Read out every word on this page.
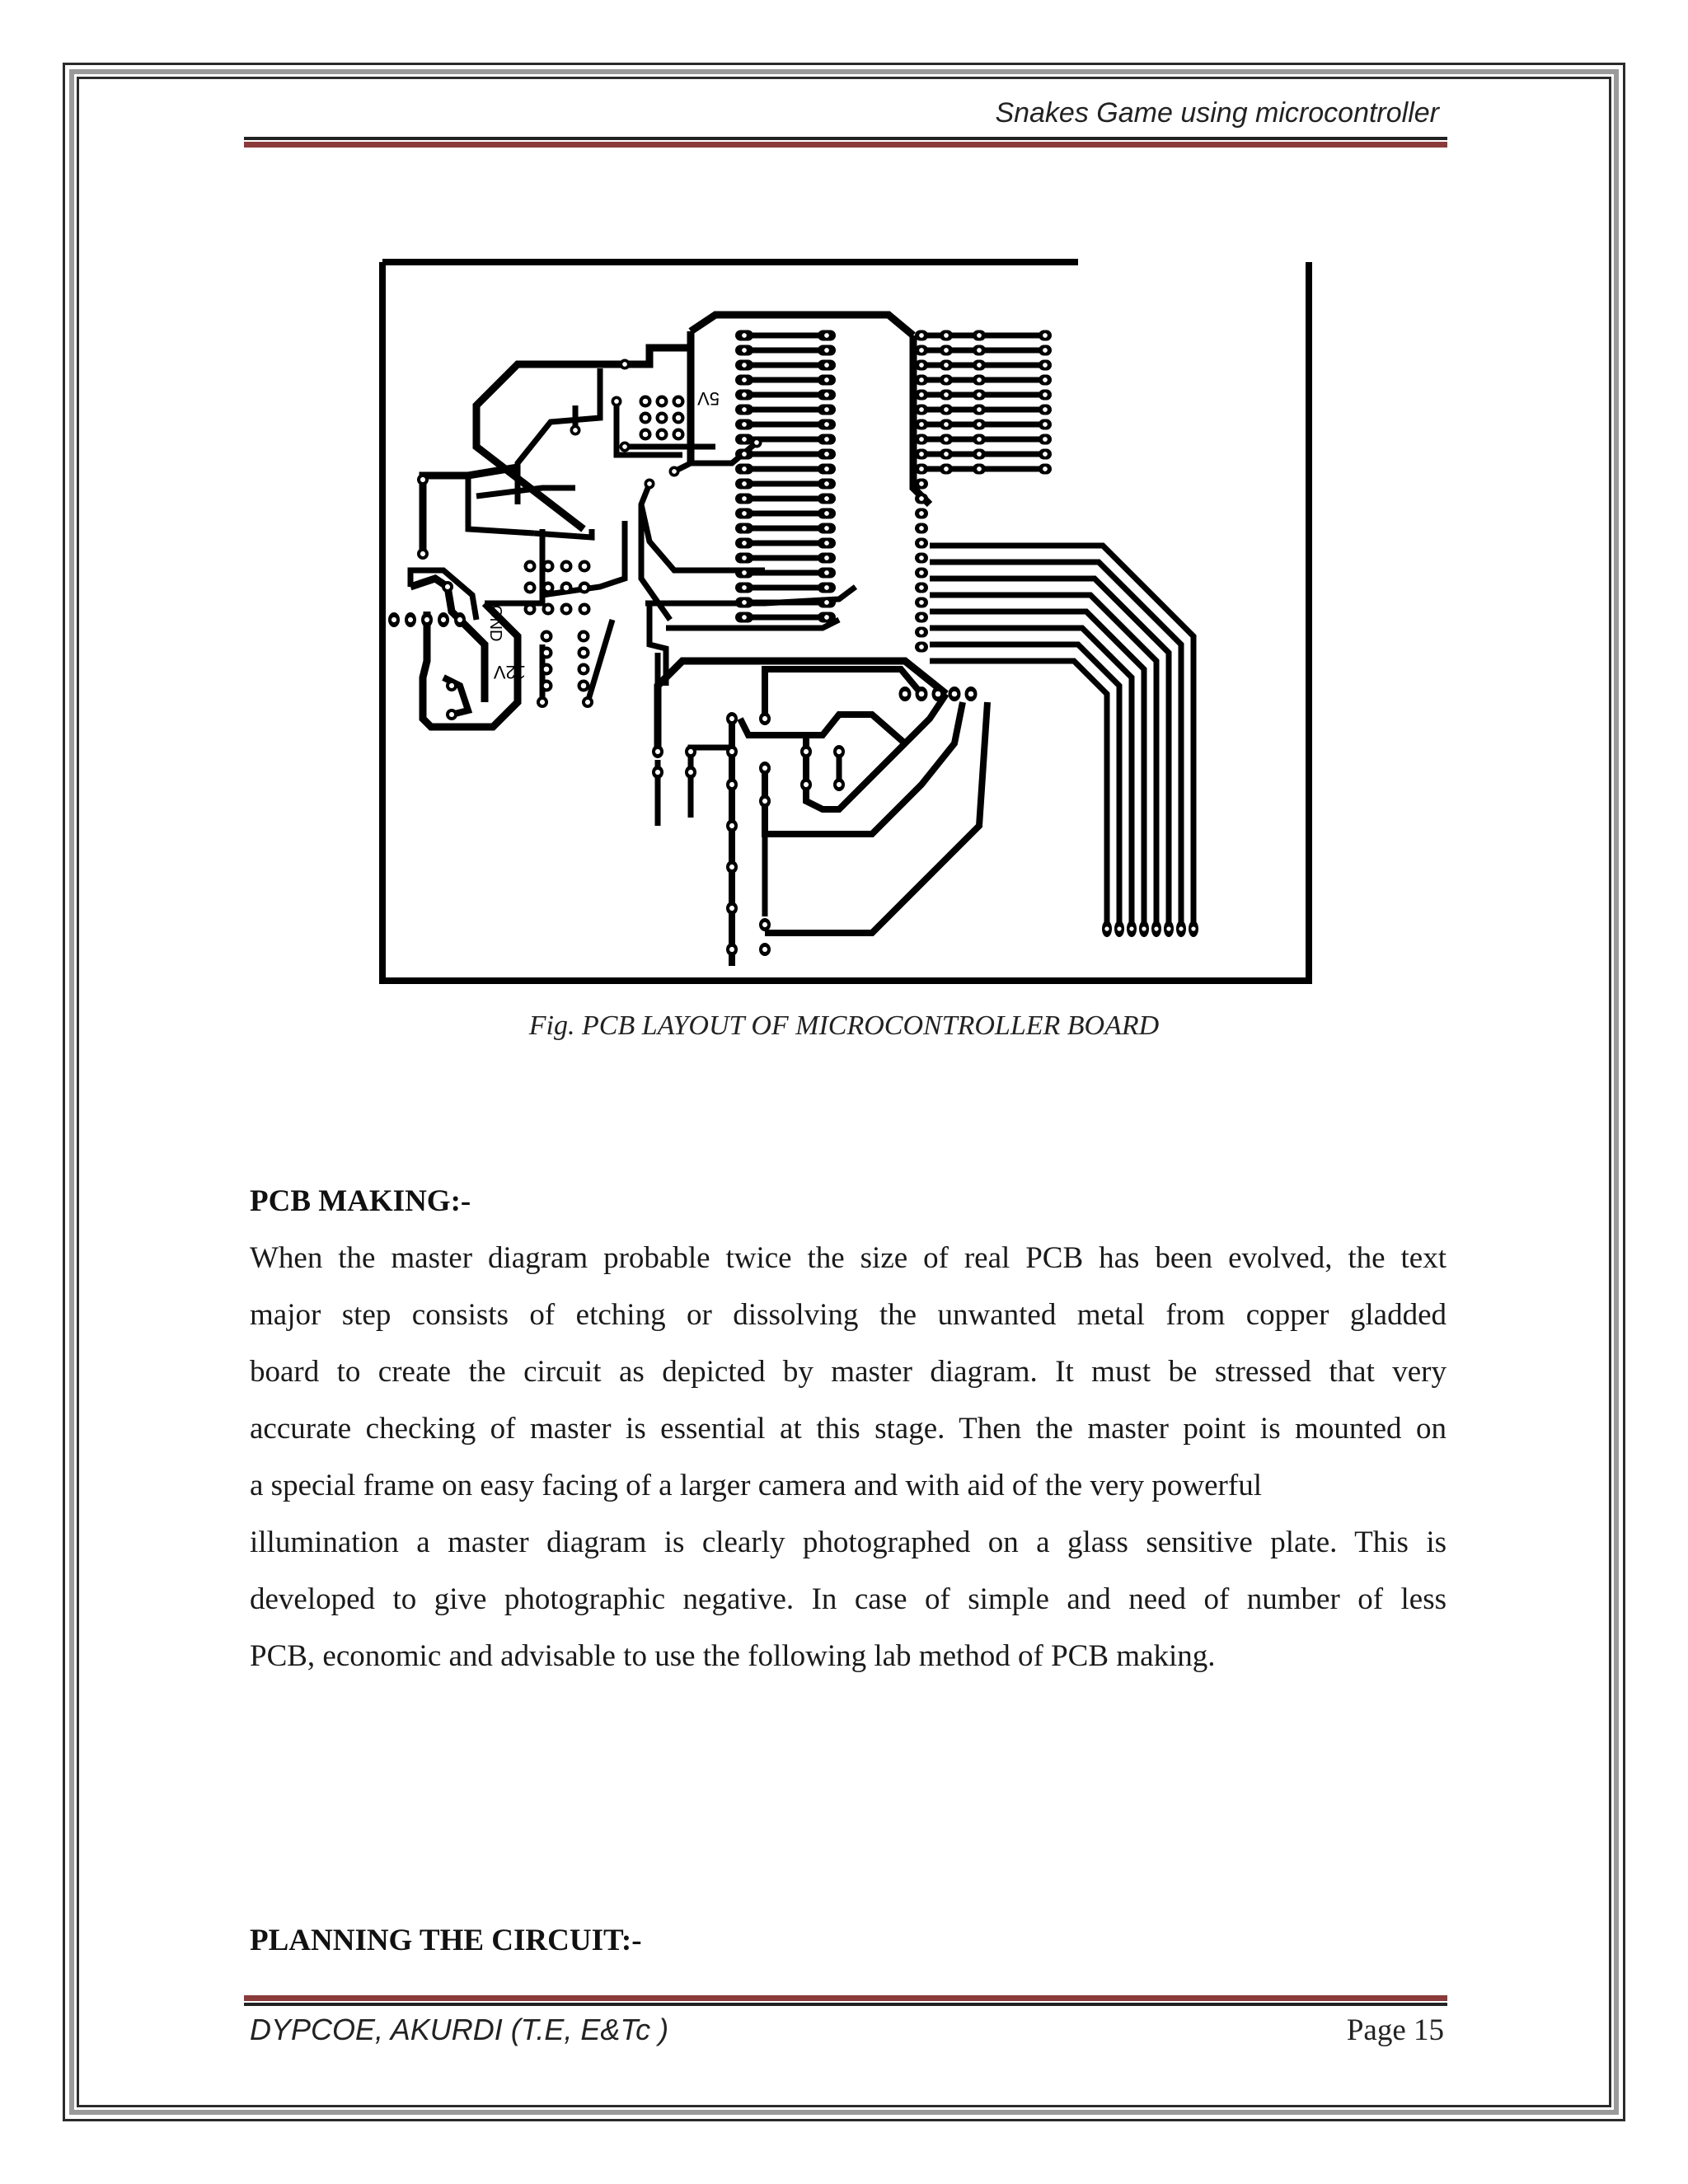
Snakes Game using microcontroller
5V
GND
12V
Fig. PCB LAYOUT OF MICROCONTROLLER BOARD
PCB MAKING:-
When the master diagram probable twice the size of real PCB has been evolved, the text
major step consists of etching or dissolving the unwanted metal from copper gladded
board to create the circuit as depicted by master diagram. It must be stressed that very
accurate checking of master is essential at this stage. Then the master point is mounted on
a special frame on easy facing of a larger camera and with aid of the very powerful
illumination a master diagram is clearly photographed on a glass sensitive plate. This is
developed to give photographic negative. In case of simple and need of number of less
PCB, economic and advisable to use the following lab method of PCB making.
PLANNING THE CIRCUIT:-
DYPCOE, AKURDI (T.E, E&Tc )	Page 15
